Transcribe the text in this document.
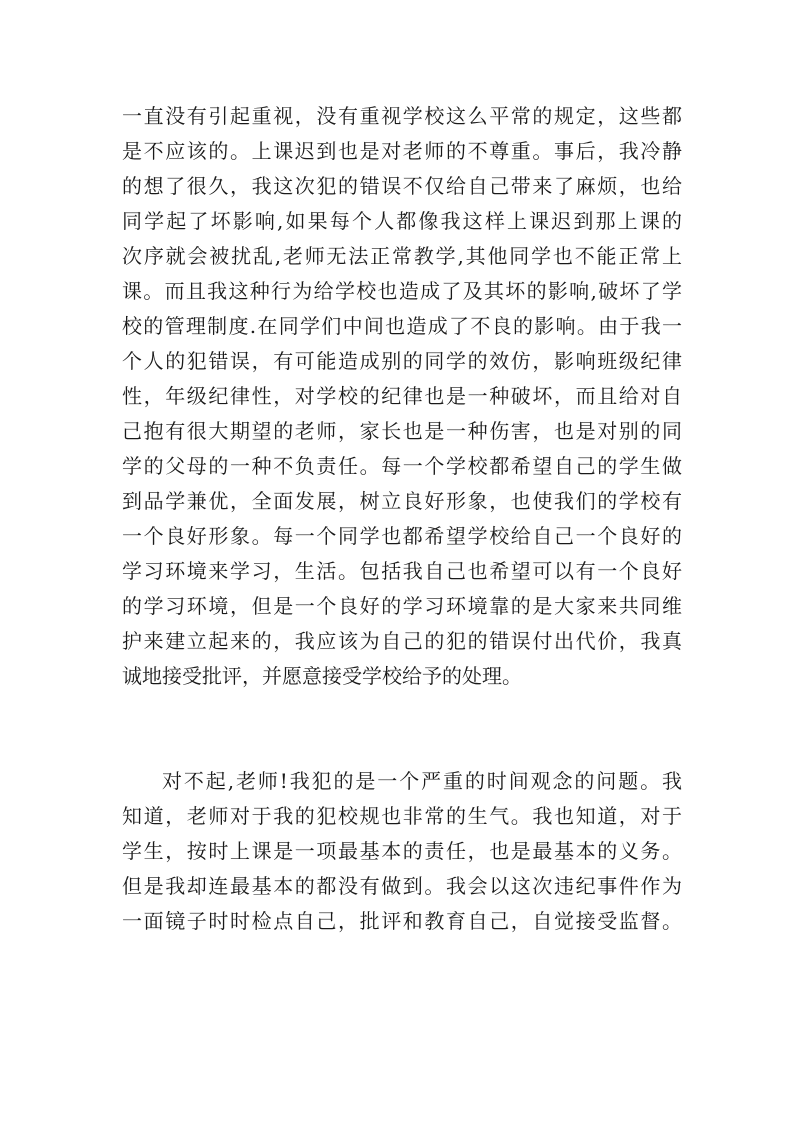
一直没有引起重视，没有重视学校这么平常的规定，这些都
是不应该的。上课迟到也是对老师的不尊重。事后，我冷静
的想了很久，我这次犯的错误不仅给自己带来了麻烦，也给
同学起了坏影响,如果每个人都像我这样上课迟到那上课的
次序就会被扰乱,老师无法正常教学,其他同学也不能正常上
课。而且我这种行为给学校也造成了及其坏的影响,破坏了学
校的管理制度.在同学们中间也造成了不良的影响。由于我一
个人的犯错误，有可能造成别的同学的效仿，影响班级纪律
性，年级纪律性，对学校的纪律也是一种破坏，而且给对自
己抱有很大期望的老师，家长也是一种伤害，也是对别的同
学的父母的一种不负责任。每一个学校都希望自己的学生做
到品学兼优，全面发展，树立良好形象，也使我们的学校有
一个良好形象。每一个同学也都希望学校给自己一个良好的
学习环境来学习，生活。包括我自己也希望可以有一个良好
的学习环境，但是一个良好的学习环境靠的是大家来共同维
护来建立起来的，我应该为自己的犯的错误付出代价，我真
诚地接受批评，并愿意接受学校给予的处理。
对不起,老师!我犯的是一个严重的时间观念的问题。我
知道，老师对于我的犯校规也非常的生气。我也知道，对于
学生，按时上课是一项最基本的责任，也是最基本的义务。
但是我却连最基本的都没有做到。我会以这次违纪事件作为
一面镜子时时检点自己，批评和教育自己，自觉接受监督。
